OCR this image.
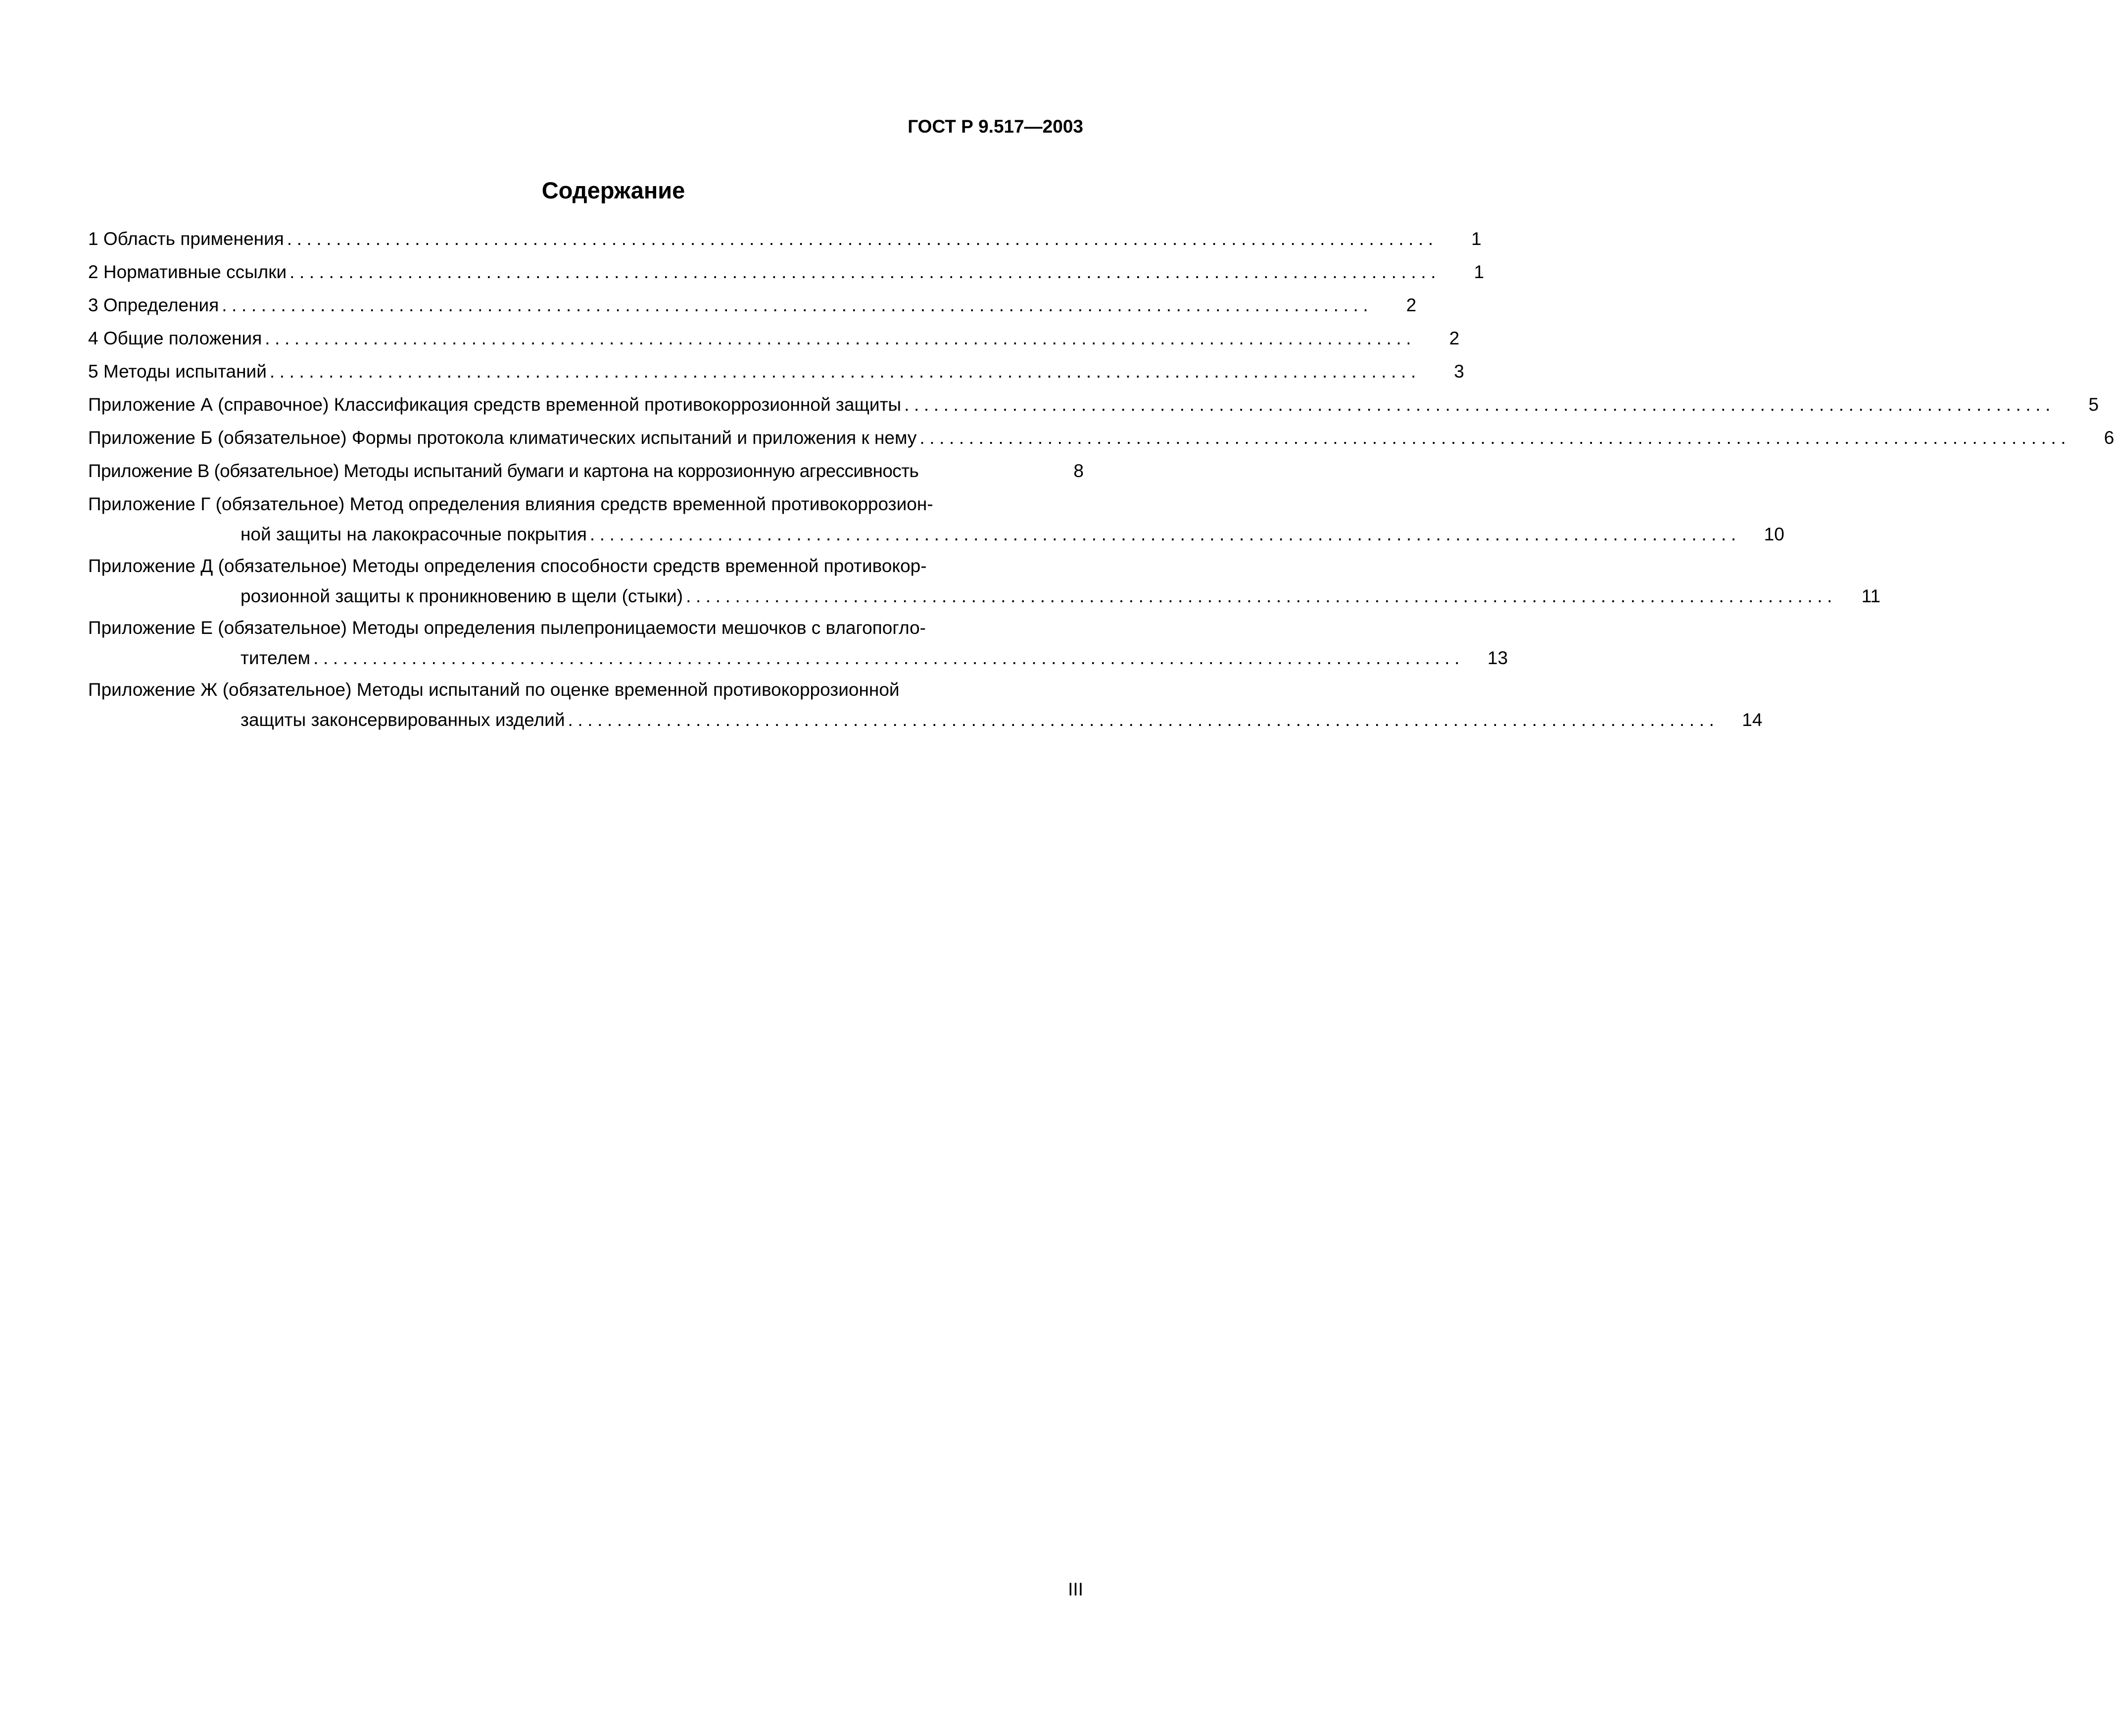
ГОСТ Р 9.517—2003
Содержание
1 Область применения .....................................................................................................................	1
2 Нормативные ссылки .....................................................................................................................	1
3 Определения .....................................................................................................................	2
4 Общие положения .....................................................................................................................	2
5 Методы испытаний .....................................................................................................................	3
Приложение А (справочное) Классификация средств временной противокоррозионной защиты .....................................................................................................................	5
Приложение Б (обязательное) Формы протокола климатических испытаний и приложения к нему .....................................................................................................................	6
Приложение В (обязательное) Методы испытаний бумаги и картона на коррозионную агрессивность	8
Приложение Г (обязательное) Метод определения влияния средств временной противокоррозион-
ной защиты на лакокрасочные покрытия .....................................................................................................................	10
Приложение Д (обязательное) Методы определения способности средств временной противокор-
розионной защиты к проникновению в щели (стыки) .....................................................................................................................	11
Приложение Е (обязательное) Методы определения пылепроницаемости мешочков с влагопогло-
тителем .....................................................................................................................	13
Приложение Ж (обязательное) Методы испытаний по оценке временной противокоррозионной
защиты законсервированных изделий .....................................................................................................................	14
III
